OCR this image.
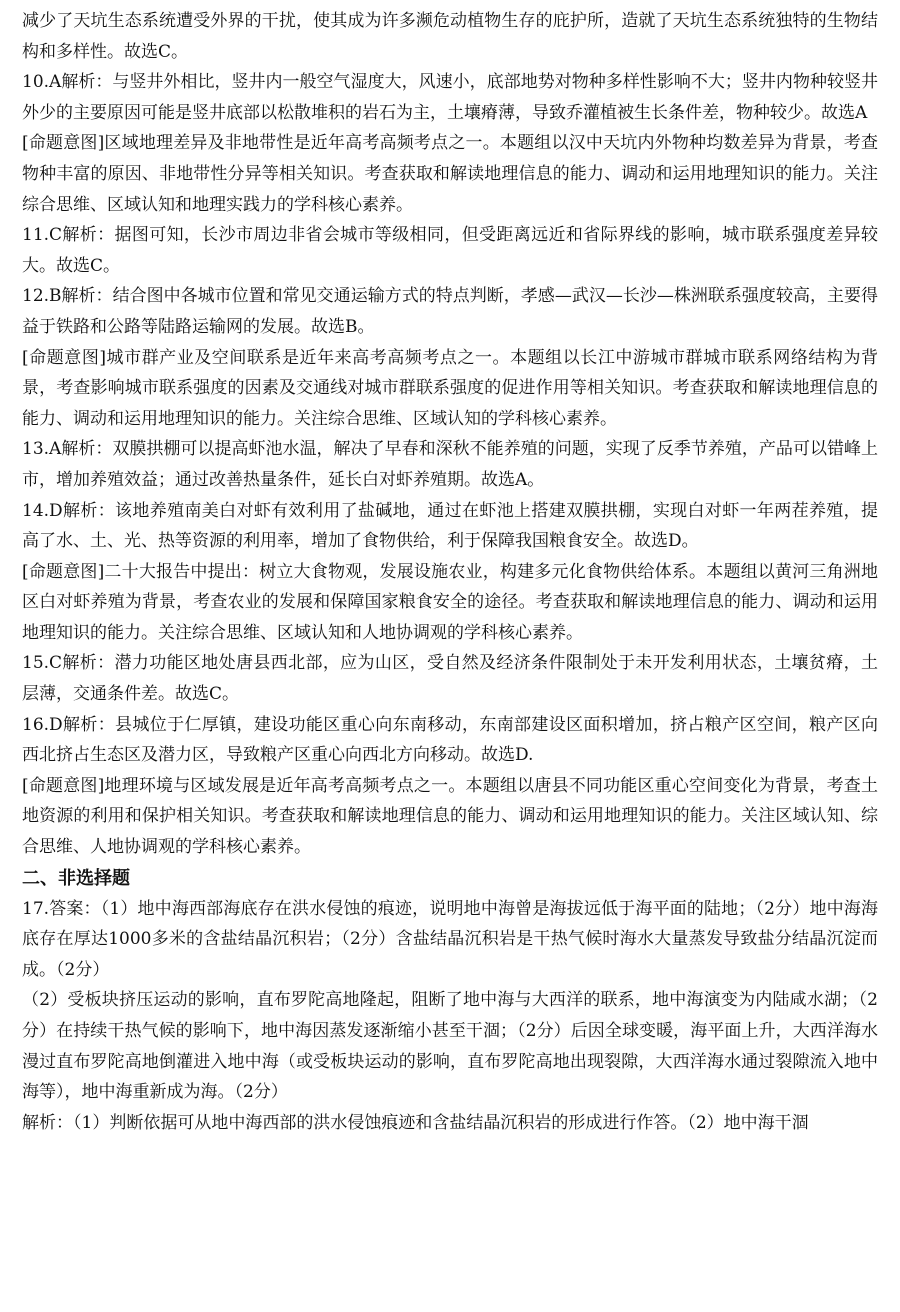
减少了天坑生态系统遭受外界的干扰，使其成为许多濒危动植物生存的庇护所，造就了天坑生态系统独特的生物结构和多样性。故选C。

10.A解析：与竖井外相比，竖井内一般空气湿度大，风速小，底部地势对物种多样性影响不大；竖井内物种较竖井外少的主要原因可能是竖井底部以松散堆积的岩石为主，土壤瘠薄，导致乔灌植被生长条件差，物种较少。故选A

[命题意图]区域地理差异及非地带性是近年高考高频考点之一。本题组以汉中天坑内外物种均数差异为背景，考查物种丰富的原因、非地带性分异等相关知识。考查获取和解读地理信息的能力、调动和运用地理知识的能力。关注综合思维、区域认知和地理实践力的学科核心素养。

11.C解析：据图可知，长沙市周边非省会城市等级相同，但受距离远近和省际界线的影响，城市联系强度差异较大。故选C。

12.B解析：结合图中各城市位置和常见交通运输方式的特点判断，孝感—武汉—长沙—株洲联系强度较高，主要得益于铁路和公路等陆路运输网的发展。故选B。

[命题意图]城市群产业及空间联系是近年来高考高频考点之一。本题组以长江中游城市群城市联系网络结构为背景，考查影响城市联系强度的因素及交通线对城市群联系强度的促进作用等相关知识。考查获取和解读地理信息的能力、调动和运用地理知识的能力。关注综合思维、区域认知的学科核心素养。

13.A解析：双膜拱棚可以提高虾池水温，解决了早春和深秋不能养殖的问题，实现了反季节养殖，产品可以错峰上市，增加养殖效益；通过改善热量条件，延长白对虾养殖期。故选A。

14.D解析：该地养殖南美白对虾有效利用了盐碱地，通过在虾池上搭建双膜拱棚，实现白对虾一年两茬养殖，提高了水、土、光、热等资源的利用率，增加了食物供给，利于保障我国粮食安全。故选D。

[命题意图]二十大报告中提出：树立大食物观，发展设施农业，构建多元化食物供给体系。本题组以黄河三角洲地区白对虾养殖为背景，考查农业的发展和保障国家粮食安全的途径。考查获取和解读地理信息的能力、调动和运用地理知识的能力。关注综合思维、区域认知和人地协调观的学科核心素养。

15.C解析：潜力功能区地处唐县西北部，应为山区，受自然及经济条件限制处于未开发利用状态，土壤贫瘠，土层薄，交通条件差。故选C。

16.D解析：县城位于仁厚镇，建设功能区重心向东南移动，东南部建设区面积增加，挤占粮产区空间，粮产区向西北挤占生态区及潜力区，导致粮产区重心向西北方向移动。故选D.

[命题意图]地理环境与区域发展是近年高考高频考点之一。本题组以唐县不同功能区重心空间变化为背景，考查土地资源的利用和保护相关知识。考查获取和解读地理信息的能力、调动和运用地理知识的能力。关注区域认知、综合思维、人地协调观的学科核心素养。

二、非选择题

17.答案：（1）地中海西部海底存在洪水侵蚀的痕迹，说明地中海曾是海拔远低于海平面的陆地；（2分）地中海海底存在厚达1000多米的含盐结晶沉积岩；（2分）含盐结晶沉积岩是干热气候时海水大量蒸发导致盐分结晶沉淀而成。（2分）

（2）受板块挤压运动的影响，直布罗陀高地隆起，阻断了地中海与大西洋的联系，地中海演变为内陆咸水湖；（2分）在持续干热气候的影响下，地中海因蒸发逐渐缩小甚至干涸；（2分）后因全球变暖，海平面上升，大西洋海水漫过直布罗陀高地倒灌进入地中海（或受板块运动的影响，直布罗陀高地出现裂隙，大西洋海水通过裂隙流入地中海等），地中海重新成为海。（2分）

解析：（1）判断依据可从地中海西部的洪水侵蚀痕迹和含盐结晶沉积岩的形成进行作答。（2）地中海干涸
